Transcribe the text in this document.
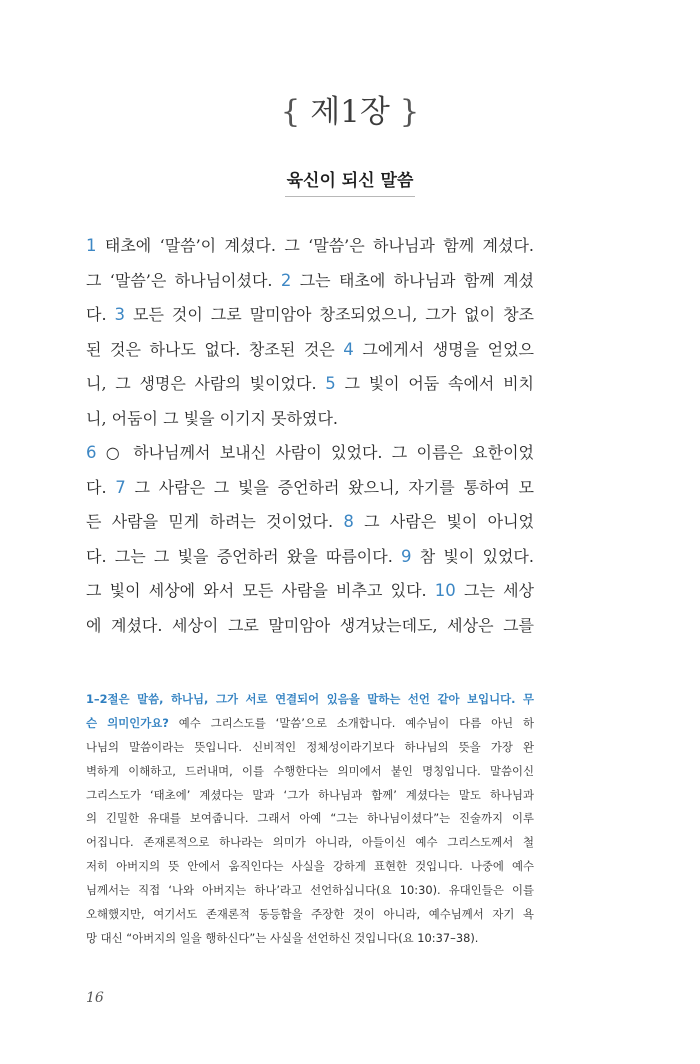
{ 제1장 }
육신이 되신 말씀
1 태초에 ‘말씀’이 계셨다. 그 ‘말씀’은 하나님과 함께 계셨다.
그 ‘말씀’은 하나님이셨다. 2 그는 태초에 하나님과 함께 계셨
다. 3 모든 것이 그로 말미암아 창조되었으니, 그가 없이 창조
된 것은 하나도 없다. 창조된 것은 4 그에게서 생명을 얻었으
니, 그 생명은 사람의 빛이었다. 5 그 빛이 어둠 속에서 비치
니, 어둠이 그 빛을 이기지 못하였다.
6 ○ 하나님께서 보내신 사람이 있었다. 그 이름은 요한이었
다. 7 그 사람은 그 빛을 증언하러 왔으니, 자기를 통하여 모
든 사람을 믿게 하려는 것이었다. 8 그 사람은 빛이 아니었
다. 그는 그 빛을 증언하러 왔을 따름이다. 9 참 빛이 있었다.
그 빛이 세상에 와서 모든 사람을 비추고 있다. 10 그는 세상
에 계셨다. 세상이 그로 말미암아 생겨났는데도, 세상은 그를
1–2절은 말씀, 하나님, 그가 서로 연결되어 있음을 말하는 선언 같아 보입니다. 무
슨 의미인가요? 예수 그리스도를 ‘말씀’으로 소개합니다. 예수님이 다름 아닌 하
나님의 말씀이라는 뜻입니다. 신비적인 정체성이라기보다 하나님의 뜻을 가장 완
벽하게 이해하고, 드러내며, 이를 수행한다는 의미에서 붙인 명칭입니다. 말씀이신
그리스도가 ‘태초에’ 계셨다는 말과 ‘그가 하나님과 함께’ 계셨다는 말도 하나님과
의 긴밀한 유대를 보여줍니다. 그래서 아예 “그는 하나님이셨다”는 진술까지 이루
어집니다. 존재론적으로 하나라는 의미가 아니라, 아들이신 예수 그리스도께서 철
저히 아버지의 뜻 안에서 움직인다는 사실을 강하게 표현한 것입니다. 나중에 예수
님께서는 직접 ‘나와 아버지는 하나’라고 선언하십니다(요 10:30). 유대인들은 이를
오해했지만, 여기서도 존재론적 동등함을 주장한 것이 아니라, 예수님께서 자기 욕
망 대신 “아버지의 일을 행하신다”는 사실을 선언하신 것입니다(요 10:37–38).
16
